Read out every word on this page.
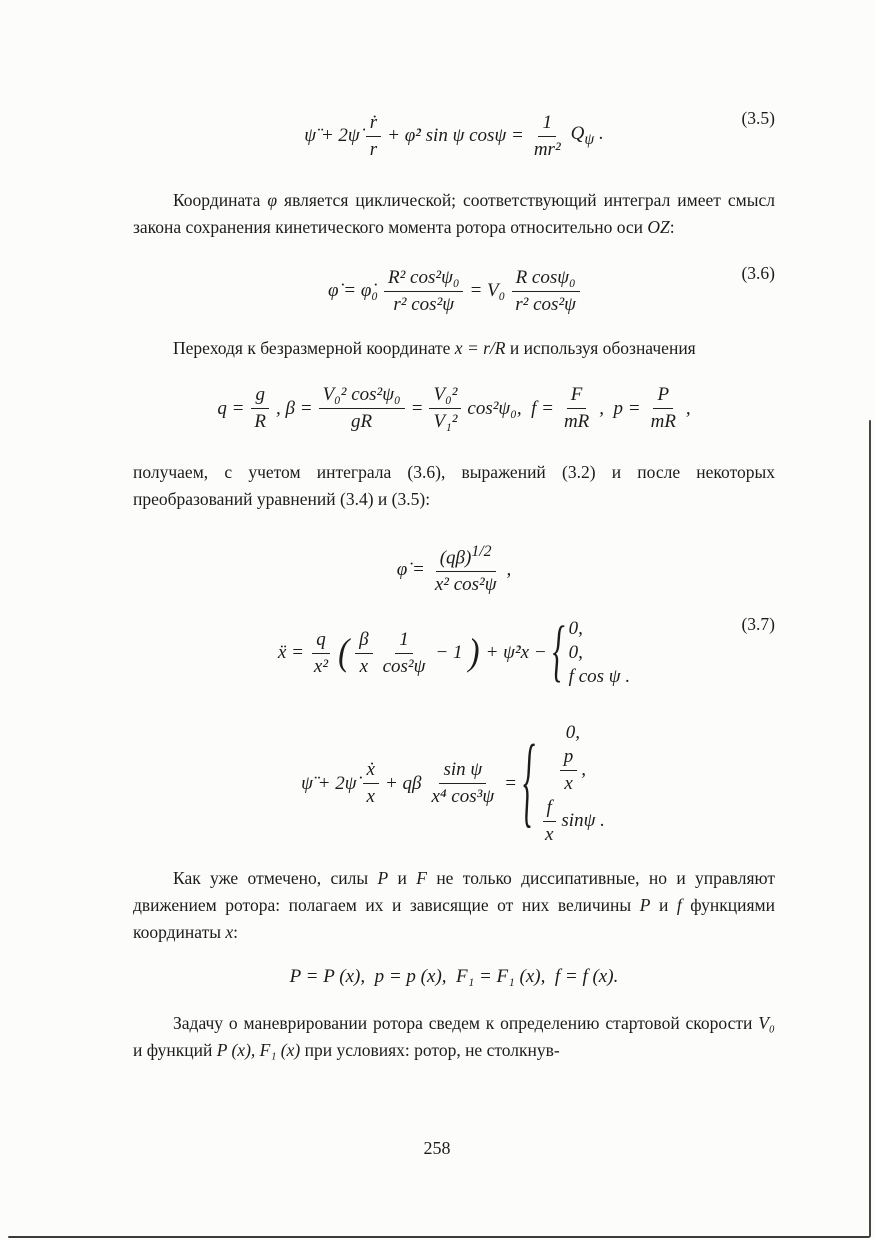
(3.5)
ψ̈ + 2ψ̇ $\frac{\text{ṙ}}{r}$ + φ̇² sin ψ $\cos\psi = \frac{1}{\text{mr²}} Q_\psi$ .

Координата φ является циклической; соответствующий интеграл имеет смысл закона сохранения кинетического момента ротора относительно оси OZ:

(3.6)
φ̇ = φ̇₀ $\frac{\text{R² cos²ψ₀}}{\text{r² cos²ψ}} = V_0 \frac{\text{R cosψ₀}}{\text{r² cos²ψ}}$

Переходя к безразмерной координате x = r/R и используя обозначения

$q = \frac{g}{R}$ , $\beta = \frac{\text{V₀² cos²ψ₀}}{gR} = \frac{\text{V₀²}}{\text{V₁²}} \cos^2\psi_0$,  $f = \frac{F}{mR}$ ,  $p = \frac{P}{mR}$ ,

получаем, с учетом интеграла (3.6), выражений (3.2) и после некоторых преобразований уравнений (3.4) и (3.5):

φ̇ = $\frac{(q\beta)^{1/2}}{\text{x² cos²ψ}}$ ,
(3.7)
ẍ = $\frac{q}{\text{x²}}$ ( $\frac{\beta}{x} \frac{1}{\text{cos²ψ}} - 1$ ) + ψ̇²x − { 0,
0,
f cos ψ .
ψ̈ + 2ψ̇ $\frac{\text{ẋ}}{x} + q\beta \frac{\text{sin ψ}}{\text{x⁴ cos³ψ}}$ = { 0,
$\frac{p}{x}$ ,
$\frac{f}{x}$ sinψ .

Как уже отмечено, силы P и F не только диссипативные, но и управляют движением ротора: полагаем их и зависящие от них величины P и f функциями координаты x:

P = P (x),  p = p (x),  F₁ = F₁ (x),  f = f (x).

Задачу о маневрировании ротора сведем к определению стартовой скорости V₀ и функций P (x), F₁ (x) при условиях: ротор, не столкнув-

258
